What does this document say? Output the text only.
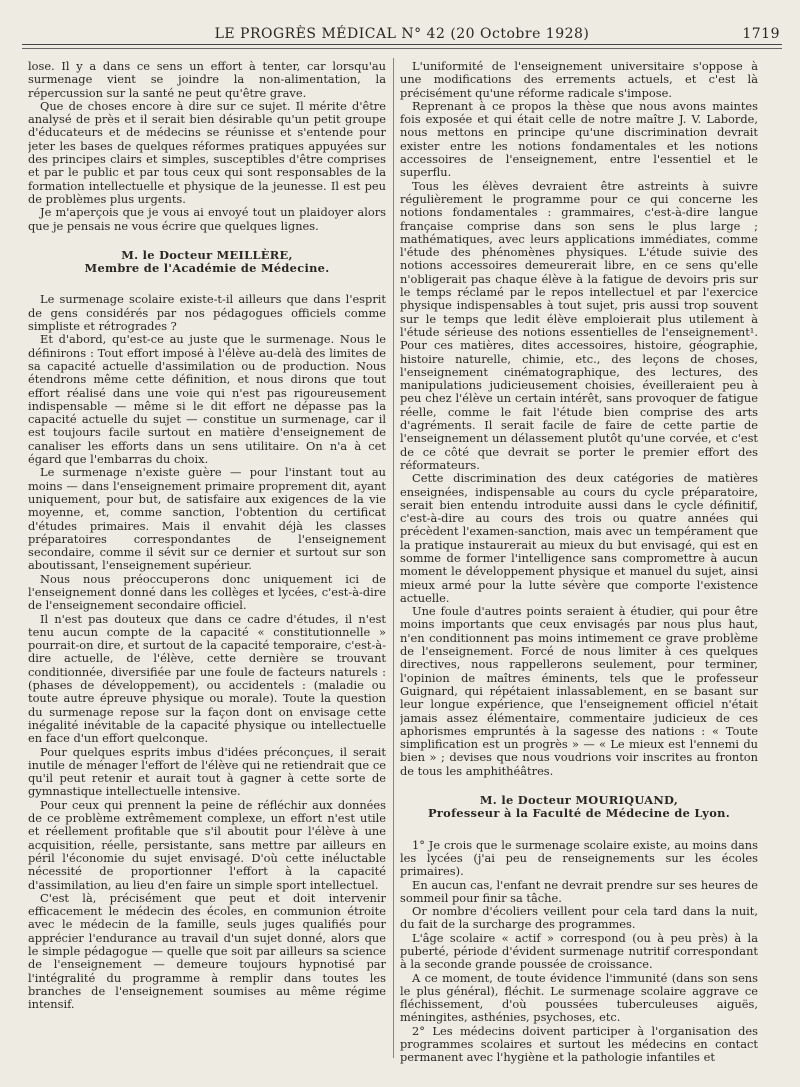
LE PROGRÈS MÉDICAL N° 42 (20 Octobre 1928)	1719

lose. Il y a dans ce sens un effort à tenter, car lorsqu'au surmenage vient se joindre la non-alimentation, la répercussion sur la santé ne peut qu'être grave.

Que de choses encore à dire sur ce sujet. Il mérite d'être analysé de près et il serait bien désirable qu'un petit groupe d'éducateurs et de médecins se réunisse et s'entende pour jeter les bases de quelques réformes pratiques appuyées sur des principes clairs et simples, susceptibles d'être comprises et par le public et par tous ceux qui sont responsables de la formation intellectuelle et physique de la jeunesse. Il est peu de problèmes plus urgents.

Je m'aperçois que je vous ai envoyé tout un plaidoyer alors que je pensais ne vous écrire que quelques lignes.

M. le Docteur MEILLÈRE,
Membre de l'Académie de Médecine.

Le surmenage scolaire existe-t-il ailleurs que dans l'esprit de gens considérés par nos pédagogues officiels comme simpliste et rétrogrades ?

Et d'abord, qu'est-ce au juste que le surmenage. Nous le définirons : Tout effort imposé à l'élève au-delà des limites de sa capacité actuelle d'assimilation ou de production. Nous étendrons même cette définition, et nous dirons que tout effort réalisé dans une voie qui n'est pas rigoureusement indispensable — même si le dit effort ne dépasse pas la capacité actuelle du sujet — constitue un surmenage, car il est toujours facile surtout en matière d'enseignement de canaliser les efforts dans un sens utilitaire. On n'a à cet égard que l'embarras du choix.

Le surmenage n'existe guère — pour l'instant tout au moins — dans l'enseignement primaire proprement dit, ayant uniquement, pour but, de satisfaire aux exigences de la vie moyenne, et, comme sanction, l'obtention du certificat d'études primaires. Mais il envahit déjà les classes préparatoires correspondantes de l'enseignement secondaire, comme il sévit sur ce dernier et surtout sur son aboutissant, l'enseignement supérieur.

Nous nous préoccuperons donc uniquement ici de l'enseignement donné dans les collèges et lycées, c'est-à-dire de l'enseignement secondaire officiel.

Il n'est pas douteux que dans ce cadre d'études, il n'est tenu aucun compte de la capacité « constitutionnelle » pourrait-on dire, et surtout de la capacité temporaire, c'est-à-dire actuelle, de l'élève, cette dernière se trouvant conditionnée, diversifiée par une foule de facteurs naturels : (phases de développement), ou accidentels : (maladie ou toute autre épreuve physique ou morale). Toute la question du surmenage repose sur la façon dont on envisage cette inégalité inévitable de la capacité physique ou intellectuelle en face d'un effort quelconque.

Pour quelques esprits imbus d'idées préconçues, il serait inutile de ménager l'effort de l'élève qui ne retiendrait que ce qu'il peut retenir et aurait tout à gagner à cette sorte de gymnastique intellectuelle intensive.

Pour ceux qui prennent la peine de réfléchir aux données de ce problème extrêmement complexe, un effort n'est utile et réellement profitable que s'il aboutit pour l'élève à une acquisition, réelle, persistante, sans mettre par ailleurs en péril l'économie du sujet envisagé. D'où cette inéluctable nécessité de proportionner l'effort à la capacité d'assimilation, au lieu d'en faire un simple sport intellectuel.

C'est là, précisément que peut et doit intervenir efficacement le médecin des écoles, en communion étroite avec le médecin de la famille, seuls juges qualifiés pour apprécier l'endurance au travail d'un sujet donné, alors que le simple pédagogue — quelle que soit par ailleurs sa science de l'enseignement — demeure toujours hypnotisé par l'intégralité du programme à remplir dans toutes les branches de l'enseignement soumises au même régime intensif.

L'uniformité de l'enseignement universitaire s'oppose à une modifications des errements actuels, et c'est là précisément qu'une réforme radicale s'impose.

Reprenant à ce propos la thèse que nous avons maintes fois exposée et qui était celle de notre maître J. V. Laborde, nous mettons en principe qu'une discrimination devrait exister entre les notions fondamentales et les notions accessoires de l'enseignement, entre l'essentiel et le superflu.

Tous les élèves devraient être astreints à suivre régulièrement le programme pour ce qui concerne les notions fondamentales : grammaires, c'est-à-dire langue française comprise dans son sens le plus large ; mathématiques, avec leurs applications immédiates, comme l'étude des phénomènes physiques. L'étude suivie des notions accessoires demeurerait libre, en ce sens qu'elle n'obligerait pas chaque élève à la fatigue de devoirs pris sur le temps réclamé par le repos intellectuel et par l'exercice physique indispensables à tout sujet, pris aussi trop souvent sur le temps que ledit élève emploierait plus utilement à l'étude sérieuse des notions essentielles de l'enseignement¹. Pour ces matières, dites accessoires, histoire, géographie, histoire naturelle, chimie, etc., des leçons de choses, l'enseignement cinématographique, des lectures, des manipulations judicieusement choisies, éveilleraient peu à peu chez l'élève un certain intérêt, sans provoquer de fatigue réelle, comme le fait l'étude bien comprise des arts d'agréments. Il serait facile de faire de cette partie de l'enseignement un délassement plutôt qu'une corvée, et c'est de ce côté que devrait se porter le premier effort des réformateurs.

Cette discrimination des deux catégories de matières enseignées, indispensable au cours du cycle préparatoire, serait bien entendu introduite aussi dans le cycle définitif, c'est-à-dire au cours des trois ou quatre années qui précèdent l'examen-sanction, mais avec un tempérament que la pratique instaurerait au mieux du but envisagé, qui est en somme de former l'intelligence sans compromettre à aucun moment le développement physique et manuel du sujet, ainsi mieux armé pour la lutte sévère que comporte l'existence actuelle.

Une foule d'autres points seraient à étudier, qui pour être moins importants que ceux envisagés par nous plus haut, n'en conditionnent pas moins intimement ce grave problème de l'enseignement. Forcé de nous limiter à ces quelques directives, nous rappellerons seulement, pour terminer, l'opinion de maîtres éminents, tels que le professeur Guignard, qui répétaient inlassablement, en se basant sur leur longue expérience, que l'enseignement officiel n'était jamais assez élémentaire, commentaire judicieux de ces aphorismes empruntés à la sagesse des nations : « Toute simplification est un progrès » — « Le mieux est l'ennemi du bien » ; devises que nous voudrions voir inscrites au fronton de tous les amphithéâtres.

M. le Docteur MOURIQUAND,
Professeur à la Faculté de Médecine de Lyon.

1° Je crois que le surmenage scolaire existe, au moins dans les lycées (j'ai peu de renseignements sur les écoles primaires).

En aucun cas, l'enfant ne devrait prendre sur ses heures de sommeil pour finir sa tâche.

Or nombre d'écoliers veillent pour cela tard dans la nuit, du fait de la surcharge des programmes.

L'âge scolaire « actif » correspond (ou à peu près) à la puberté, période d'évident surmenage nutritif correspondant à la seconde grande poussée de croissance.

A ce moment, de toute évidence l'immunité (dans son sens le plus général), fléchit. Le surmenage scolaire aggrave ce fléchissement, d'où poussées tuberculeuses aiguës, méningites, asthénies, psychoses, etc.

2° Les médecins doivent participer à l'organisation des programmes scolaires et surtout les médecins en contact permanent avec l'hygiène et la pathologie infantiles et
